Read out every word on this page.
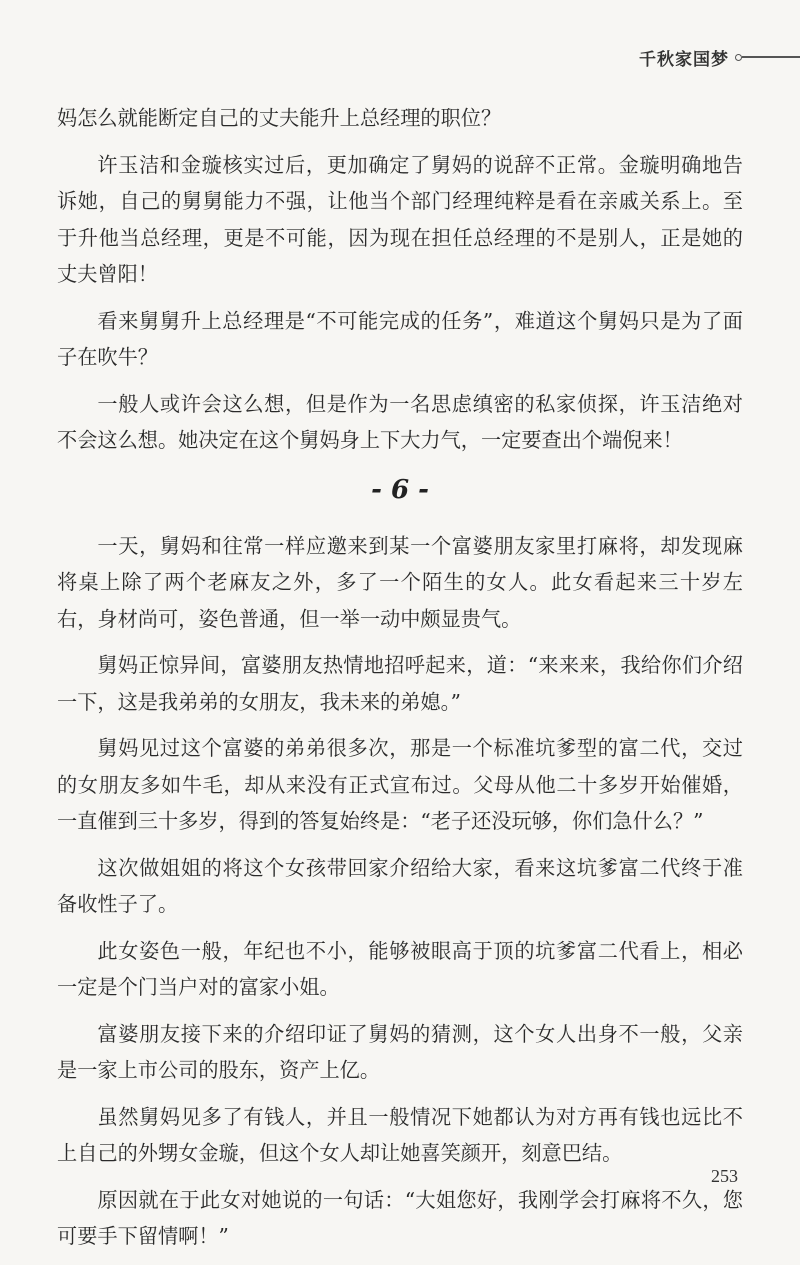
千秋家国梦

妈怎么就能断定自己的丈夫能升上总经理的职位？

许玉洁和金璇核实过后，更加确定了舅妈的说辞不正常。金璇明确地告诉她，自己的舅舅能力不强，让他当个部门经理纯粹是看在亲戚关系上。至于升他当总经理，更是不可能，因为现在担任总经理的不是别人，正是她的丈夫曾阳！

看来舅舅升上总经理是“不可能完成的任务”，难道这个舅妈只是为了面子在吹牛？

一般人或许会这么想，但是作为一名思虑缜密的私家侦探，许玉洁绝对不会这么想。她决定在这个舅妈身上下大力气，一定要查出个端倪来！

- 6 -

一天，舅妈和往常一样应邀来到某一个富婆朋友家里打麻将，却发现麻将桌上除了两个老麻友之外，多了一个陌生的女人。此女看起来三十岁左右，身材尚可，姿色普通，但一举一动中颇显贵气。

舅妈正惊异间，富婆朋友热情地招呼起来，道：“来来来，我给你们介绍一下，这是我弟弟的女朋友，我未来的弟媳。”

舅妈见过这个富婆的弟弟很多次，那是一个标准坑爹型的富二代，交过的女朋友多如牛毛，却从来没有正式宣布过。父母从他二十多岁开始催婚，一直催到三十多岁，得到的答复始终是：“老子还没玩够，你们急什么？”

这次做姐姐的将这个女孩带回家介绍给大家，看来这坑爹富二代终于准备收性子了。

此女姿色一般，年纪也不小，能够被眼高于顶的坑爹富二代看上，相必一定是个门当户对的富家小姐。

富婆朋友接下来的介绍印证了舅妈的猜测，这个女人出身不一般，父亲是一家上市公司的股东，资产上亿。

虽然舅妈见多了有钱人，并且一般情况下她都认为对方再有钱也远比不上自己的外甥女金璇，但这个女人却让她喜笑颜开，刻意巴结。

原因就在于此女对她说的一句话：“大姐您好，我刚学会打麻将不久，您可要手下留情啊！”

253
